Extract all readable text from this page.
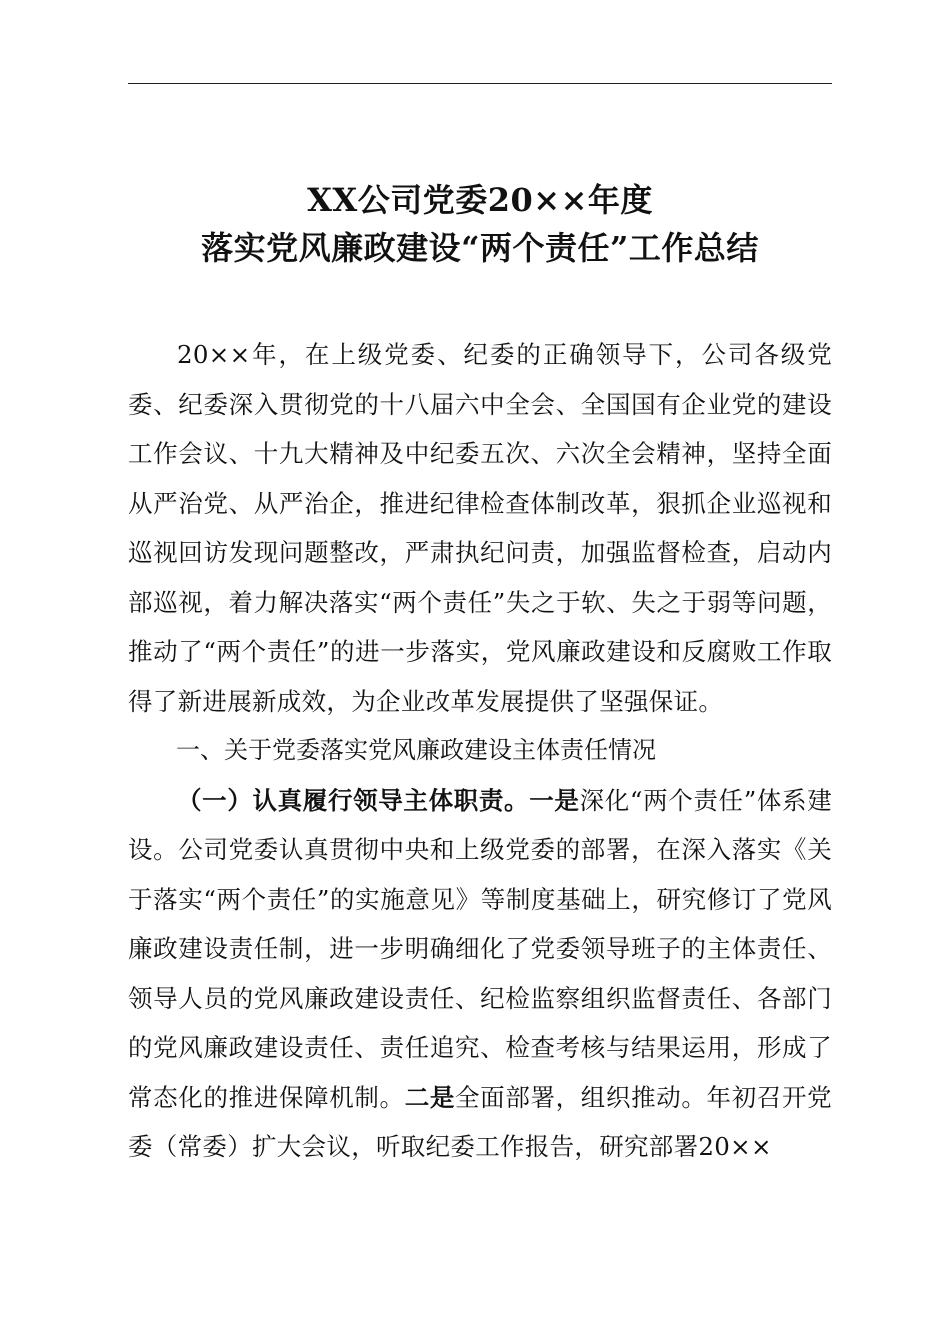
XX公司党委20××年度
落实党风廉政建设“两个责任”工作总结

20××年，在上级党委、纪委的正确领导下，公司各级党委、纪委深入贯彻党的十八届六中全会、全国国有企业党的建设工作会议、十九大精神及中纪委五次、六次全会精神，坚持全面从严治党、从严治企，推进纪律检查体制改革，狠抓企业巡视和巡视回访发现问题整改，严肃执纪问责，加强监督检查，启动内部巡视，着力解决落实“两个责任”失之于软、失之于弱等问题，推动了“两个责任”的进一步落实，党风廉政建设和反腐败工作取得了新进展新成效，为企业改革发展提供了坚强保证。

一、关于党委落实党风廉政建设主体责任情况

（一）认真履行领导主体职责。一是深化“两个责任”体系建设。公司党委认真贯彻中央和上级党委的部署，在深入落实《关于落实“两个责任”的实施意见》等制度基础上，研究修订了党风廉政建设责任制，进一步明确细化了党委领导班子的主体责任、领导人员的党风廉政建设责任、纪检监察组织监督责任、各部门的党风廉政建设责任、责任追究、检查考核与结果运用，形成了常态化的推进保障机制。二是全面部署，组织推动。年初召开党委（常委）扩大会议，听取纪委工作报告，研究部署20××
